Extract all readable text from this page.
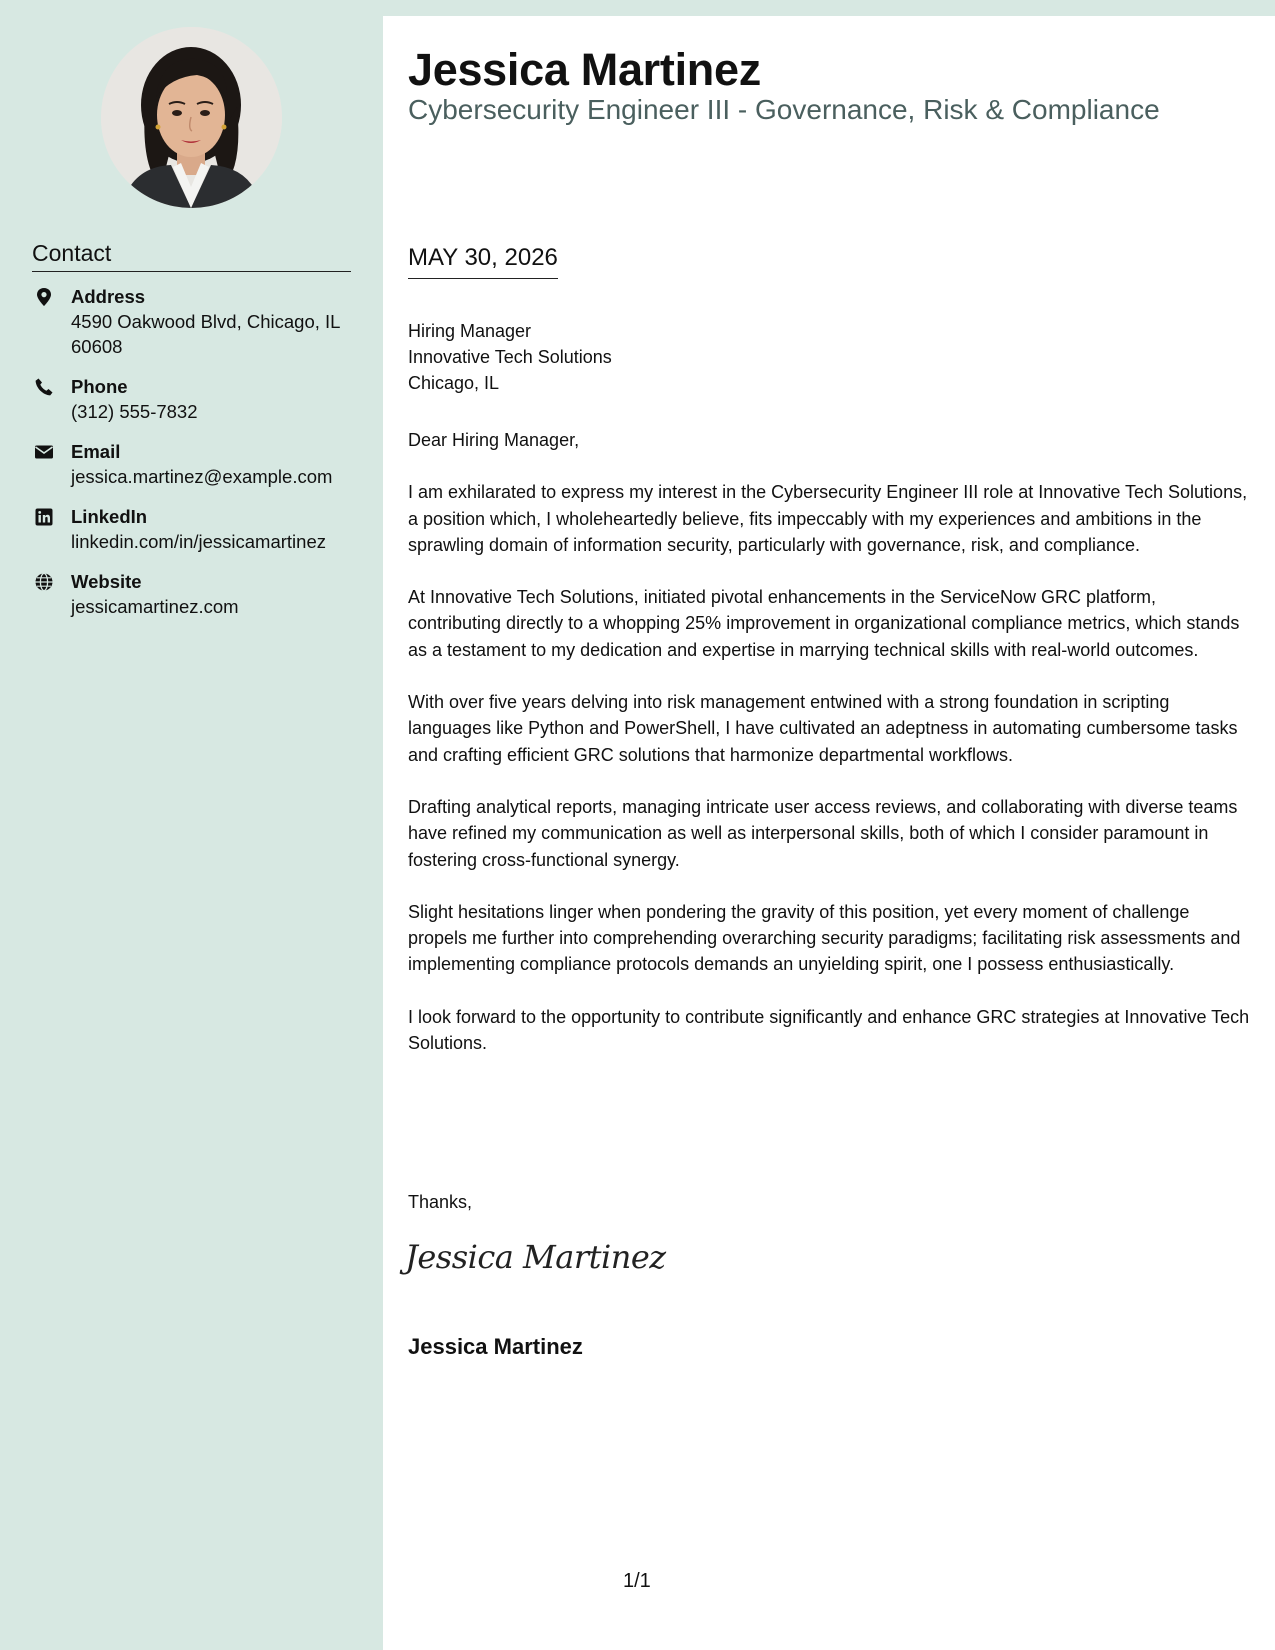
Contact
Address
4590 Oakwood Blvd, Chicago, IL 60608
Phone
(312) 555-7832
Email
jessica.martinez@example.com
LinkedIn
linkedin.com/in/jessicamartinez
Website
jessicamartinez.com
Jessica Martinez
Cybersecurity Engineer III - Governance, Risk & Compliance
MAY 30, 2026
Hiring Manager
Innovative Tech Solutions
Chicago, IL

Dear Hiring Manager,

I am exhilarated to express my interest in the Cybersecurity Engineer III role at Innovative Tech Solutions, a position which, I wholeheartedly believe, fits impeccably with my experiences and ambitions in the sprawling domain of information security, particularly with governance, risk, and compliance.

At Innovative Tech Solutions, initiated pivotal enhancements in the ServiceNow GRC platform, contributing directly to a whopping 25% improvement in organizational compliance metrics, which stands as a testament to my dedication and expertise in marrying technical skills with real-world outcomes.

With over five years delving into risk management entwined with a strong foundation in scripting languages like Python and PowerShell, I have cultivated an adeptness in automating cumbersome tasks and crafting efficient GRC solutions that harmonize departmental workflows.

Drafting analytical reports, managing intricate user access reviews, and collaborating with diverse teams have refined my communication as well as interpersonal skills, both of which I consider paramount in fostering cross-functional synergy.

Slight hesitations linger when pondering the gravity of this position, yet every moment of challenge propels me further into comprehending overarching security paradigms; facilitating risk assessments and implementing compliance protocols demands an unyielding spirit, one I possess enthusiastically.

I look forward to the opportunity to contribute significantly and enhance GRC strategies at Innovative Tech Solutions.

Thanks,
Jessica Martinez
Jessica Martinez
1/1
